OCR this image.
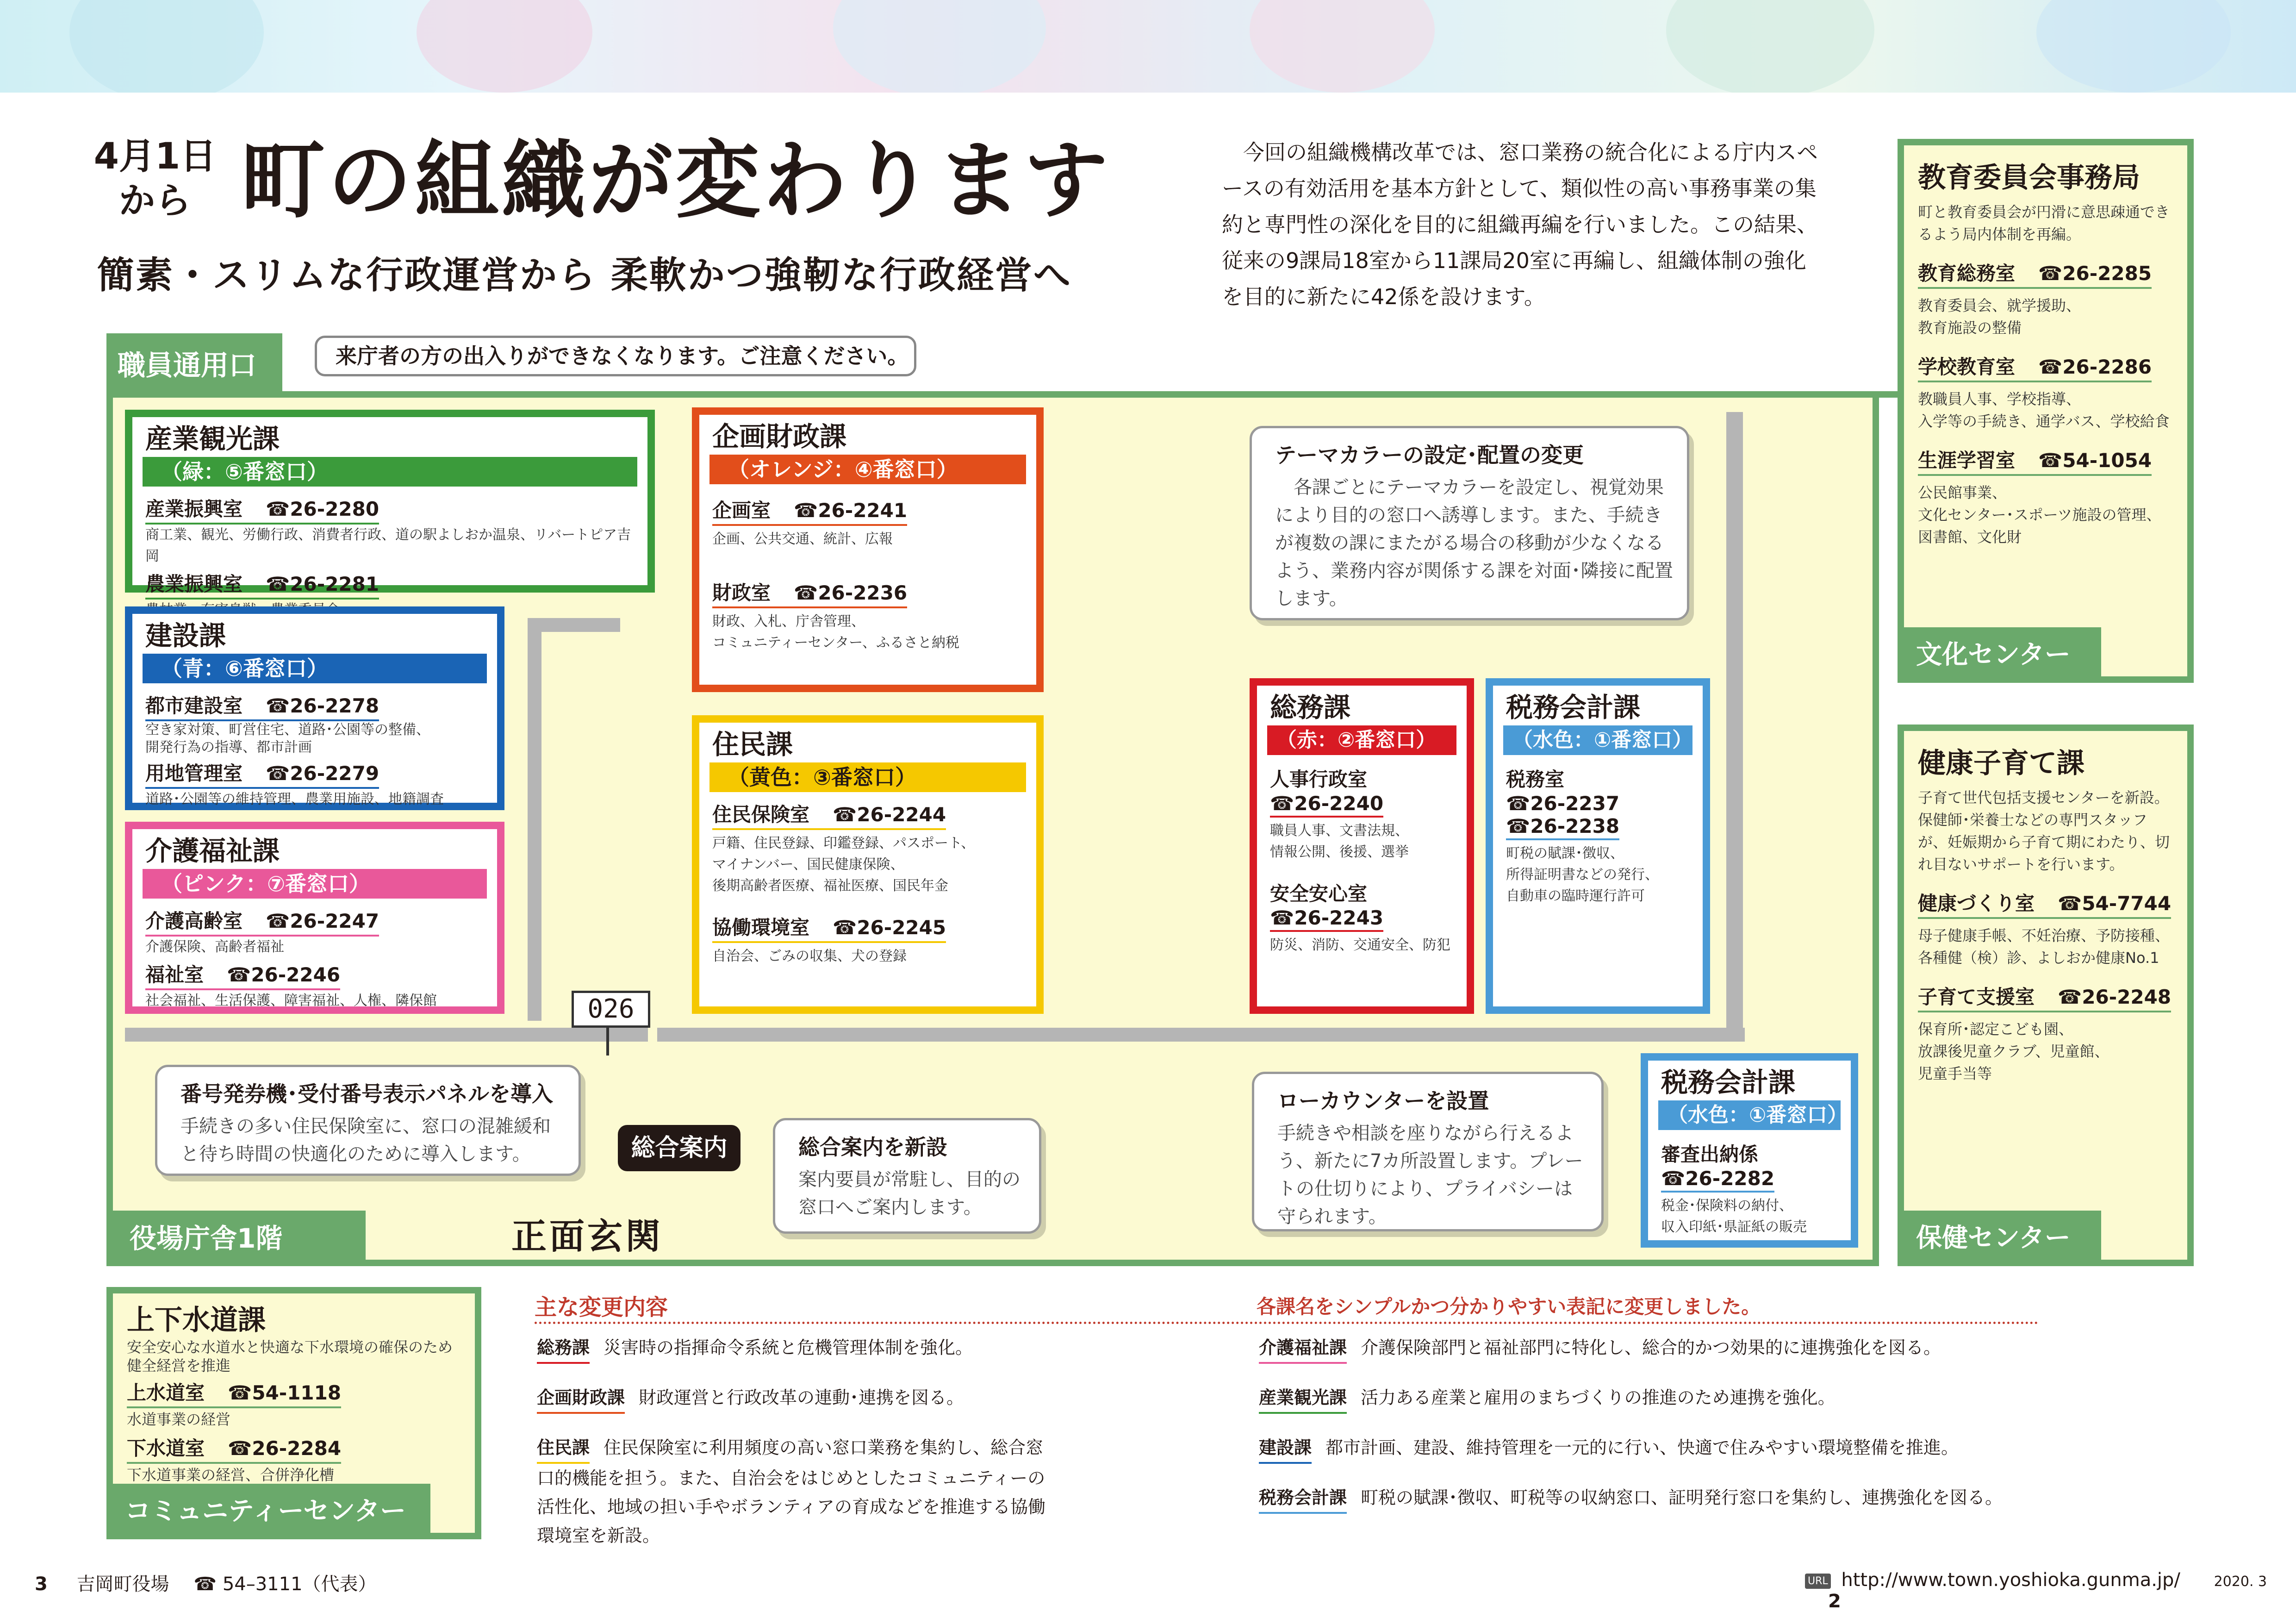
4月1日
から 町の組織が変わります
簡素・スリムな行政運営から 柔軟かつ強靭な行政経営へ
今回の組織機構改革では、窓口業務の統合化による庁内スペースの有効活用を基本方針として、類似性の高い事務事業の集約と専門性の深化を目的に組織再編を行いました。この結果、従来の9課局18室から11課局20室に再編し、組織体制の強化を目的に新たに42係を設けます。
職員通用口	来庁者の方の出入りができなくなります。ご注意ください。
産業観光課
（緑：⑤番窓口）
産業振興室 ☎26-2280
商工業、観光、労働行政、消費者行政、道の駅よしおか温泉、リバートピア吉岡
農業振興室 ☎26-2281
建設課
（青：⑥番窓口）
都市建設室 ☎26-2278
空き家対策、町営住宅、道路･公園等の整備、
開発行為の指導、都市計画
用地管理室 ☎26-2279
道路･公園等の維持管理、農業用施設、地籍調査
介護福祉課
（ピンク：⑦番窓口）
介護高齢室 ☎26-2247
介護保険、高齢者福祉
福祉室 ☎26-2246
社会福祉、生活保護、障害福祉、人権、隣保館
企画財政課
（オレンジ：④番窓口）
企画室 ☎26-2241
企画、公共交通、統計、広報
財政室 ☎26-2236
財政、入札、庁舎管理、
コミュニティーセンター、ふるさと納税
住民課
（黄色：③番窓口）
住民保険室 ☎26-2244
戸籍、住民登録、印鑑登録、パスポート、
マイナンバー、国民健康保険、
後期高齢者医療、福祉医療、国民年金
協働環境室 ☎26-2245
自治会、ごみの収集、犬の登録
総務課
（赤：②番窓口）
人事行政室
☎26-2240
職員人事、文書法規、
情報公開、後援、選挙
安全安心室
☎26-2243
防災、消防、交通安全、防犯
税務会計課
（水色：①番窓口）
税務室
☎26-2237
☎26-2238
町税の賦課･徴収、
所得証明書などの発行、
自動車の臨時運行許可
税務会計課
（水色：①番窓口）
審査出納係
☎26-2282
税金･保険料の納付、
収入印紙･県証紙の販売
テーマカラーの設定･配置の変更

各課ごとにテーマカラーを設定し、視覚効果により目的の窓口へ誘導します。また、手続きが複数の課にまたがる場合の移動が少なくなるよう、業務内容が関係する課を対面･隣接に配置します。

026
番号発券機･受付番号表示パネルを導入

手続きの多い住民保険室に、窓口の混雑緩和と待ち時間の快適化のために導入します。	総合案内	総合案内を新設

案内要員が常駐し、目的の窓口へご案内します。

ローカウンターを設置

手続きや相談を座りながら行えるよう、新たに7カ所設置します。プレートの仕切りにより、プライバシーは守られます。

役場庁舎1階	正面玄関
教育委員会事務局
町と教育委員会が円滑に意思疎通できるよう局内体制を再編。
教育総務室 ☎26-2285
教育委員会、就学援助、
教育施設の整備
学校教育室 ☎26-2286
教職員人事、学校指導、
入学等の手続き、通学バス、学校給食
生涯学習室 ☎54-1054
公民館事業、
文化センター･スポーツ施設の管理、
図書館、文化財
文化センター
健康子育て課
子育て世代包括支援センターを新設。保健師･栄養士などの専門スタッフが、妊娠期から子育て期にわたり、切れ目ないサポートを行います。
健康づくり室 ☎54-7744
母子健康手帳、不妊治療、予防接種、
各種健（検）診、よしおか健康No.1
子育て支援室 ☎26-2248
保育所･認定こども園、
放課後児童クラブ、児童館、
児童手当等
保健センター
上下水道課
安全安心な水道水と快適な下水環境の確保のため健全経営を推進
上水道室 ☎54-1118
水道事業の経営
下水道室 ☎26-2284
下水道事業の経営、合併浄化槽
コミュニティーセンター
主な変更内容	各課名をシンプルかつ分かりやすい表記に変更しました。
総務課 災害時の指揮命令系統と危機管理体制を強化。
企画財政課 財政運営と行政改革の連動･連携を図る。
住民課 住民保険室に利用頻度の高い窓口業務を集約し、総合窓口的機能を担う。また、自治会をはじめとしたコミュニティーの活性化、地域の担い手やボランティアの育成などを推進する協働環境室を新設。
介護福祉課 介護保険部門と福祉部門に特化し、総合的かつ効果的に連携強化を図る。
産業観光課 活力ある産業と雇用のまちづくりの推進のため連携を強化。
建設課 都市計画、建設、維持管理を一元的に行い、快適で住みやすい環境整備を推進。
税務会計課 町税の賦課･徴収、町税等の収納窓口、証明発行窓口を集約し、連携強化を図る。
3 吉岡町役場 ☎ 54–3111（代表）	URL http://www.town.yoshioka.gunma.jp/ 2020. 3 2
